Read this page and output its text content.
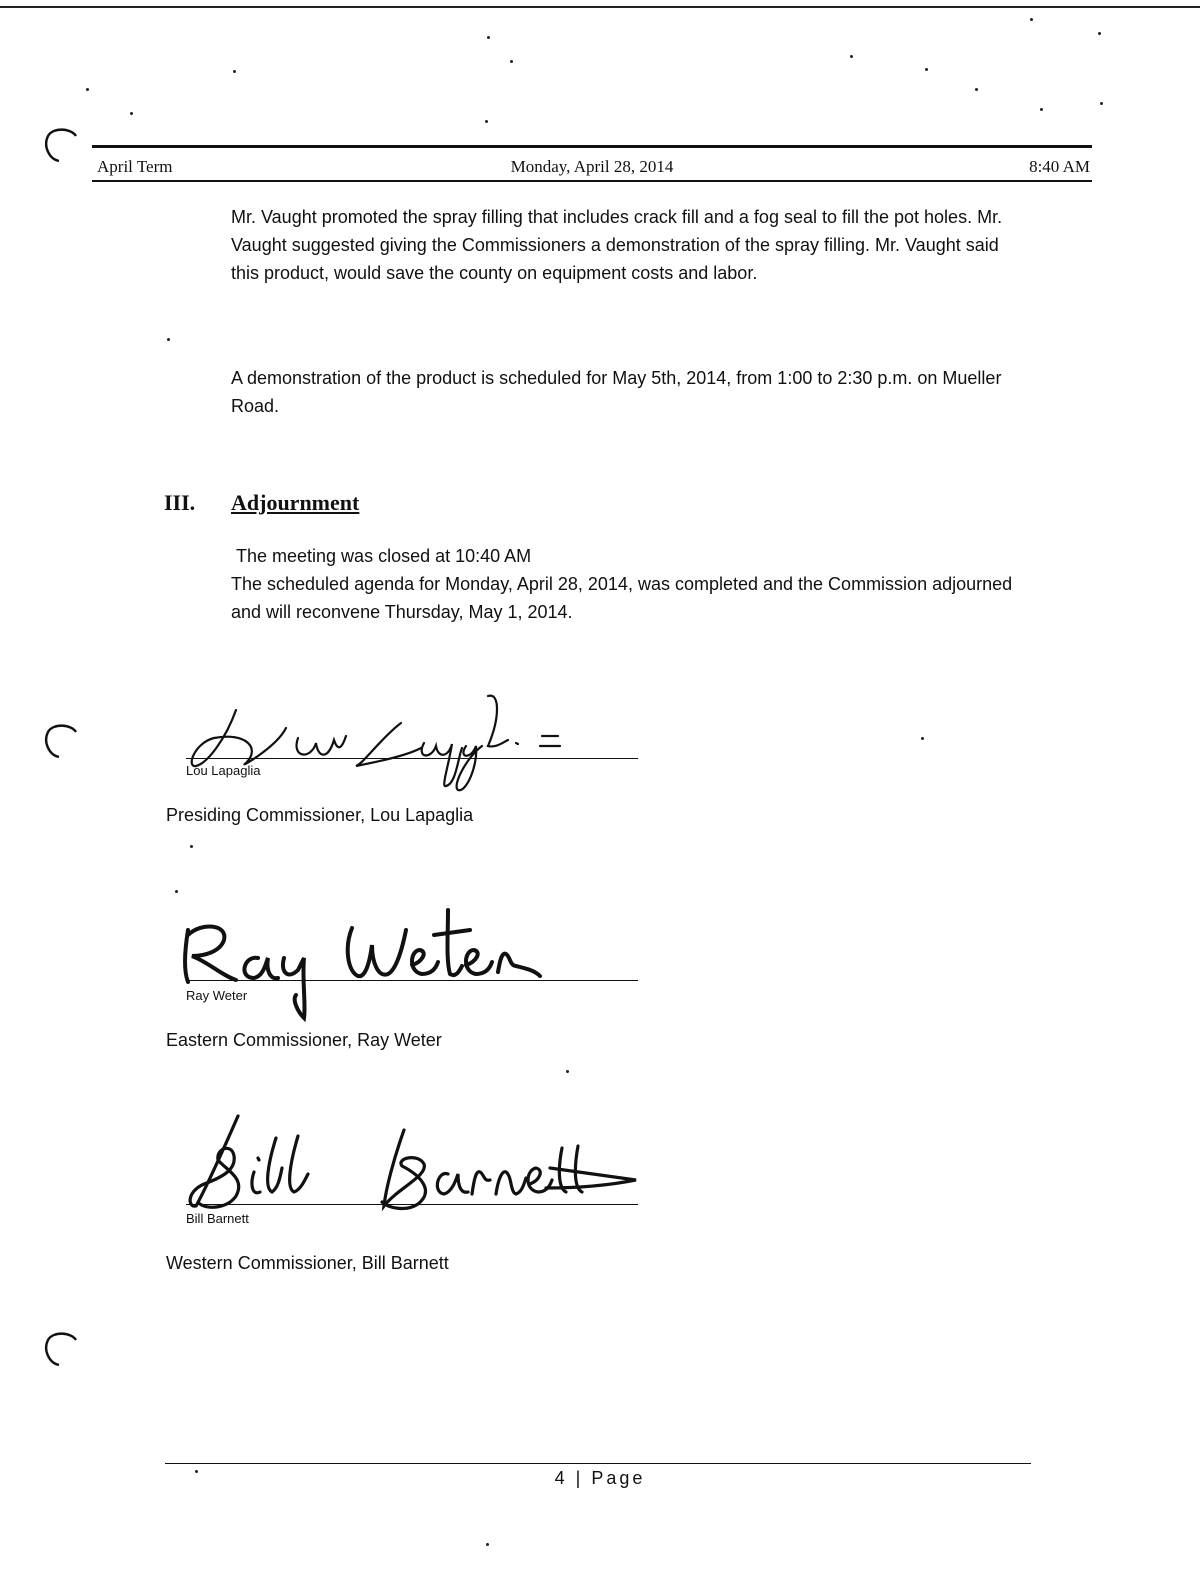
April Term	Monday, April 28, 2014	8:40 AM

Mr. Vaught promoted the spray filling that includes crack fill and a fog seal to fill the pot holes. Mr. Vaught suggested giving the Commissioners a demonstration of the spray filling. Mr. Vaught said this product, would save the county on equipment costs and labor.

A demonstration of the product is scheduled for May 5th, 2014, from 1:00 to 2:30 p.m. on Mueller Road.

III. Adjournment

The meeting was closed at 10:40 AM

The scheduled agenda for Monday, April 28, 2014, was completed and the Commission adjourned and will reconvene Thursday, May 1, 2014.

Lou Lapaglia
Presiding Commissioner, Lou Lapaglia
Ray Weter
Eastern Commissioner, Ray Weter
Bill Barnett
Western Commissioner, Bill Barnett
4 | Page
